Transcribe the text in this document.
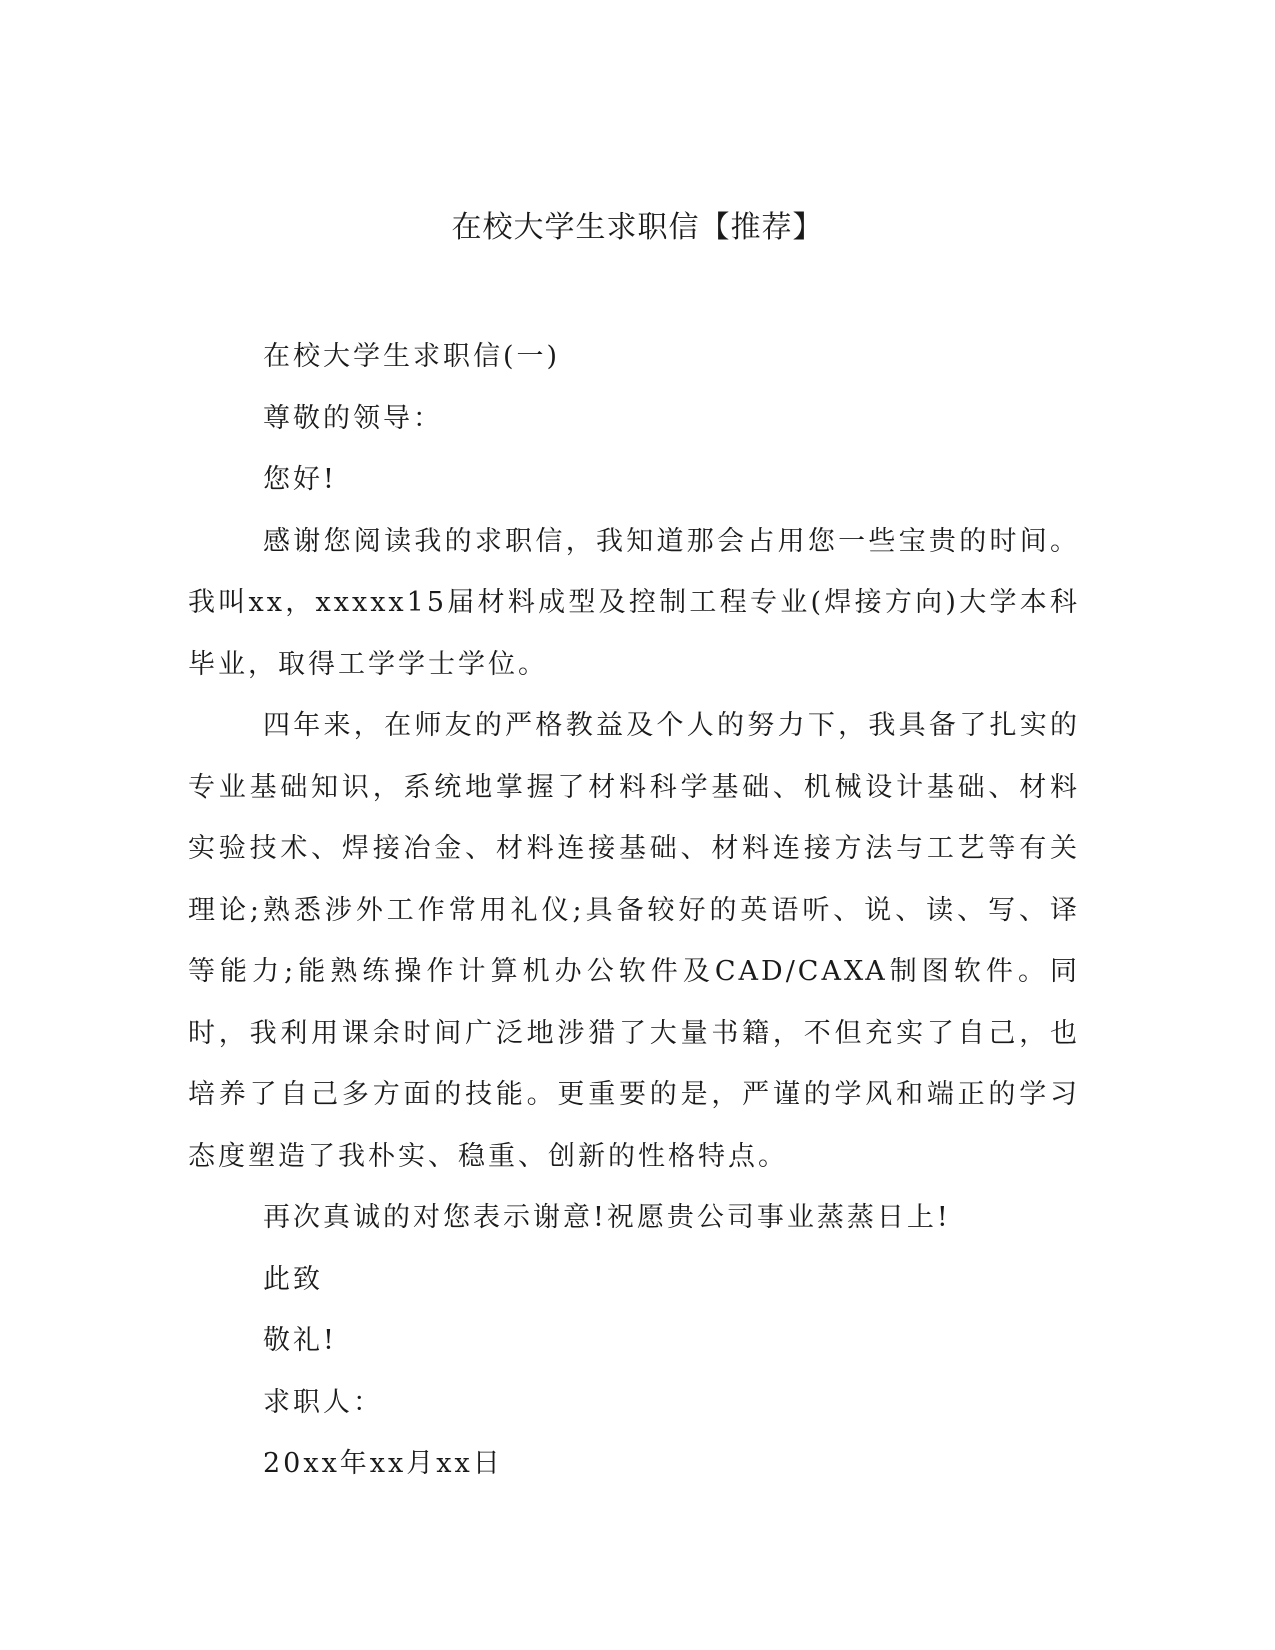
在校大学生求职信【推荐】

在校大学生求职信(一)

尊敬的领导：

您好!

感谢您阅读我的求职信，我知道那会占用您一些宝贵的时间。我叫xx，xxxxx15届材料成型及控制工程专业(焊接方向)大学本科毕业，取得工学学士学位。

四年来，在师友的严格教益及个人的努力下，我具备了扎实的专业基础知识，系统地掌握了材料科学基础、机械设计基础、材料实验技术、焊接冶金、材料连接基础、材料连接方法与工艺等有关理论;熟悉涉外工作常用礼仪;具备较好的英语听、说、读、写、译等能力;能熟练操作计算机办公软件及CAD/CAXA制图软件。同时，我利用课余时间广泛地涉猎了大量书籍，不但充实了自己，也培养了自己多方面的技能。更重要的是，严谨的学风和端正的学习态度塑造了我朴实、稳重、创新的性格特点。

再次真诚的对您表示谢意!祝愿贵公司事业蒸蒸日上!

此致

敬礼!

求职人：

20xx年xx月xx日
